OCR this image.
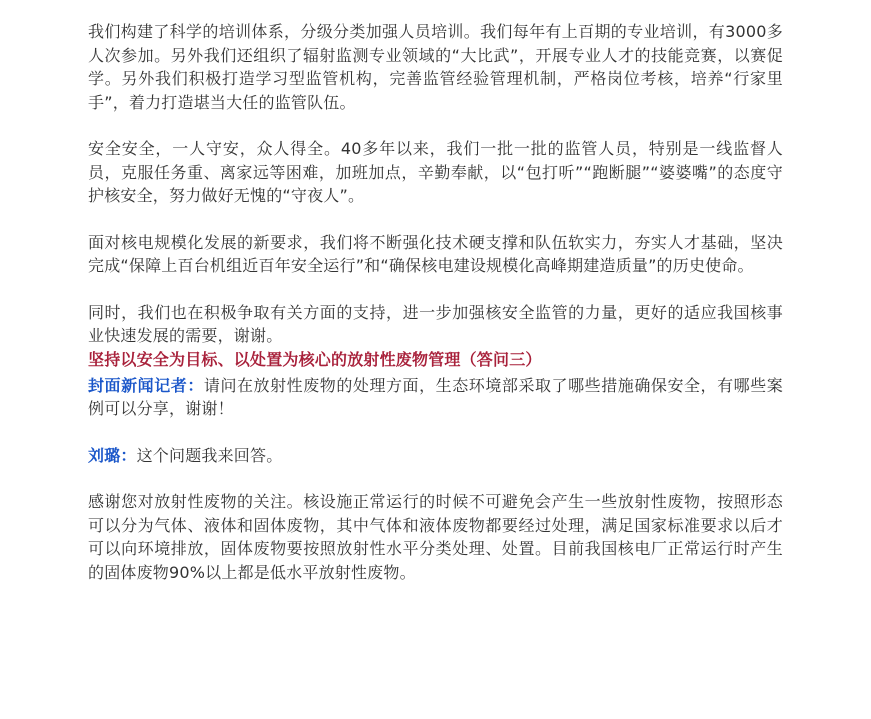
我们构建了科学的培训体系，分级分类加强人员培训。我们每年有上百期的专业培训，有3000多人次参加。另外我们还组织了辐射监测专业领域的“大比武”，开展专业人才的技能竞赛，以赛促学。另外我们积极打造学习型监管机构，完善监管经验管理机制，严格岗位考核，培养“行家里手”，着力打造堪当大任的监管队伍。

安全安全，一人守安，众人得全。40多年以来，我们一批一批的监管人员，特别是一线监督人员，克服任务重、离家远等困难，加班加点，辛勤奉献，以“包打听”“跑断腿”“婆婆嘴”的态度守护核安全，努力做好无愧的“守夜人”。

面对核电规模化发展的新要求，我们将不断强化技术硬支撑和队伍软实力，夯实人才基础，坚决完成“保障上百台机组近百年安全运行”和“确保核电建设规模化高峰期建造质量”的历史使命。

同时，我们也在积极争取有关方面的支持，进一步加强核安全监管的力量，更好的适应我国核事业快速发展的需要，谢谢。

坚持以安全为目标、以处置为核心的放射性废物管理（答问三）

封面新闻记者：请问在放射性废物的处理方面，生态环境部采取了哪些措施确保安全，有哪些案例可以分享，谢谢！

刘璐：这个问题我来回答。

感谢您对放射性废物的关注。核设施正常运行的时候不可避免会产生一些放射性废物，按照形态可以分为气体、液体和固体废物，其中气体和液体废物都要经过处理，满足国家标准要求以后才可以向环境排放，固体废物要按照放射性水平分类处理、处置。目前我国核电厂正常运行时产生的固体废物90%以上都是低水平放射性废物。
